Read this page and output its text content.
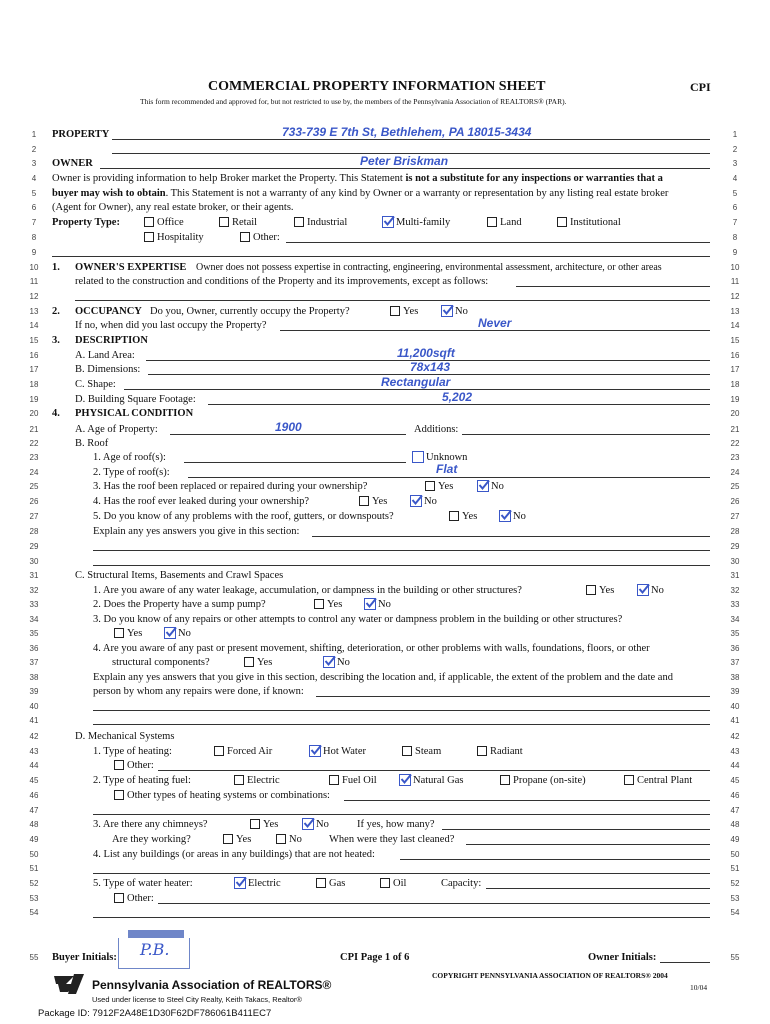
COMMERCIAL PROPERTY INFORMATION SHEET	CPI
This form recommended and approved for, but not restricted to use by, the members of the Pennsylvania Association of REALTORS® (PAR).
1	1
2	2
3	3
4	4
5	5
6	6
7	7
8	8
9	9
10	10
11	11
12	12
13	13
14	14
15	15
16	16
17	17
18	18
19	19
20	20
21	21
22	22
23	23
24	24
25	25
26	26
27	27
28	28
29	29
30	30
31	31
32	32
33	33
34	34
35	35
36	36
37	37
38	38
39	39
40	40
41	41
42	42
43	43
44	44
45	45
46	46
47	47
48	48
49	49
50	50
51	51
52	52
53	53
54	54
55	55
PROPERTY	733-739 E 7th St, Bethlehem, PA 18015-3434
OWNER	Peter Briskman
Owner is providing information to help Broker market the Property. This Statement is not a substitute for any inspections or warranties that a
buyer may wish to obtain. This Statement is not a warranty of any kind by Owner or a warranty or representation by any listing real estate broker
(Agent for Owner), any real estate broker, or their agents.
Property Type:	Office	Retail	Industrial	Multi-family	Land	Institutional
Hospitality	Other:
1. OWNER'S EXPERTISE Owner does not possess expertise in contracting, engineering, environmental assessment, architecture, or other areas
related to the construction and conditions of the Property and its improvements, except as follows:
2. OCCUPANCY Do you, Owner, currently occupy the Property?	Yes	No
If no, when did you last occupy the Property?	Never
3. DESCRIPTION
A. Land Area:	11,200sqft
B. Dimensions:	78x143
C. Shape:	Rectangular
D. Building Square Footage:	5,202
4. PHYSICAL CONDITION
A. Age of Property:	1900	Additions:
B. Roof
1. Age of roof(s):	Unknown
2. Type of roof(s):	Flat
3. Has the roof been replaced or repaired during your ownership?	Yes	No
4. Has the roof ever leaked during your ownership?	Yes	No
5. Do you know of any problems with the roof, gutters, or downspouts?	Yes	No
Explain any yes answers you give in this section:
C. Structural Items, Basements and Crawl Spaces
1. Are you aware of any water leakage, accumulation, or dampness in the building or other structures?	Yes	No
2. Does the Property have a sump pump?	Yes	No
3. Do you know of any repairs or other attempts to control any water or dampness problem in the building or other structures?
Yes	No
4. Are you aware of any past or present movement, shifting, deterioration, or other problems with walls, foundations, floors, or other
structural components?	Yes	No
Explain any yes answers that you give in this section, describing the location and, if applicable, the extent of the problem and the date and
person by whom any repairs were done, if known:
D. Mechanical Systems
1. Type of heating:	Forced Air	Hot Water	Steam	Radiant
Other:
2. Type of heating fuel:	Electric	Fuel Oil	Natural Gas	Propane (on-site)	Central Plant
Other types of heating systems or combinations:
3. Are there any chimneys?	Yes	No	If yes, how many?
Are they working?	Yes	No	When were they last cleaned?
4. List any buildings (or areas in any buildings) that are not heated:
5. Type of water heater:	Electric	Gas	Oil	Capacity:
Other:
Buyer Initials: P.B.	CPI Page 1 of 6	Owner Initials:
COPYRIGHT PENNSYLVANIA ASSOCIATION OF REALTORS® 2004
10/04
Pennsylvania Association of REALTORS®
Used under license to Steel City Realty, Keith Takacs, Realtor®
Package ID: 7912F2A48E1D30F62DF786061B411EC7
